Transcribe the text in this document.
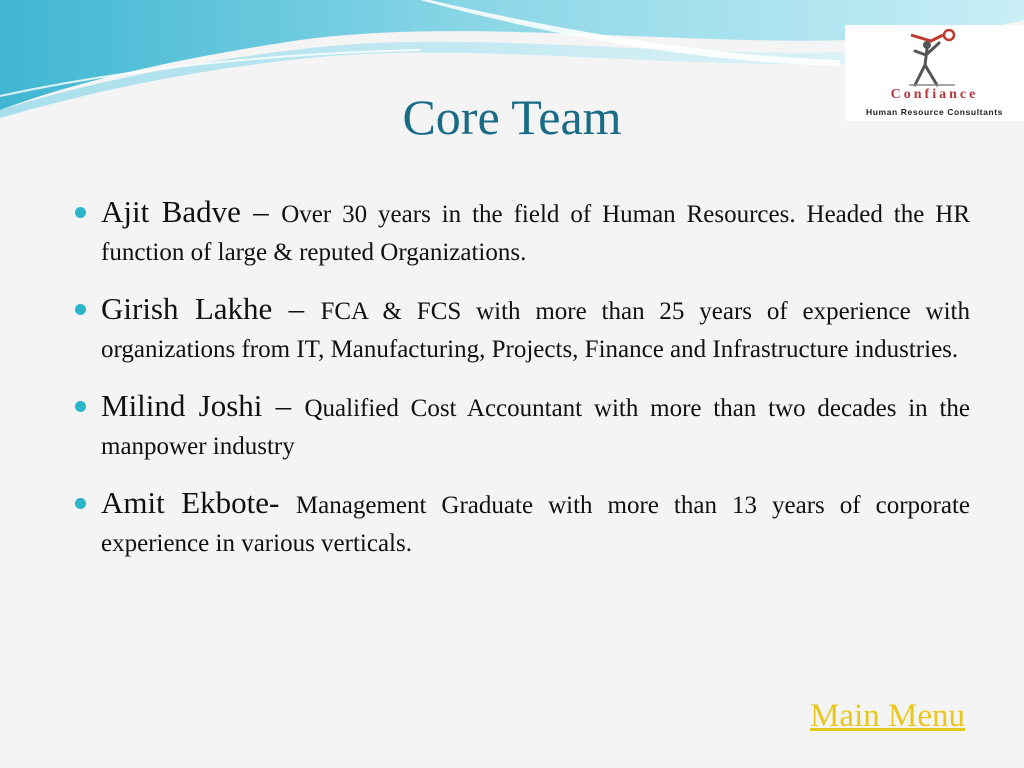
Confiance
Human Resource Consultants
Core Team
Ajit Badve – Over 30 years in the field of Human Resources. Headed the HR function of large & reputed Organizations.
Girish Lakhe – FCA & FCS with more than 25 years of experience with organizations from IT, Manufacturing, Projects, Finance and Infrastructure industries.
Milind Joshi – Qualified Cost Accountant with more than two decades in the manpower industry
Amit Ekbote- Management Graduate with more than 13 years of corporate experience in various verticals.
Main Menu
